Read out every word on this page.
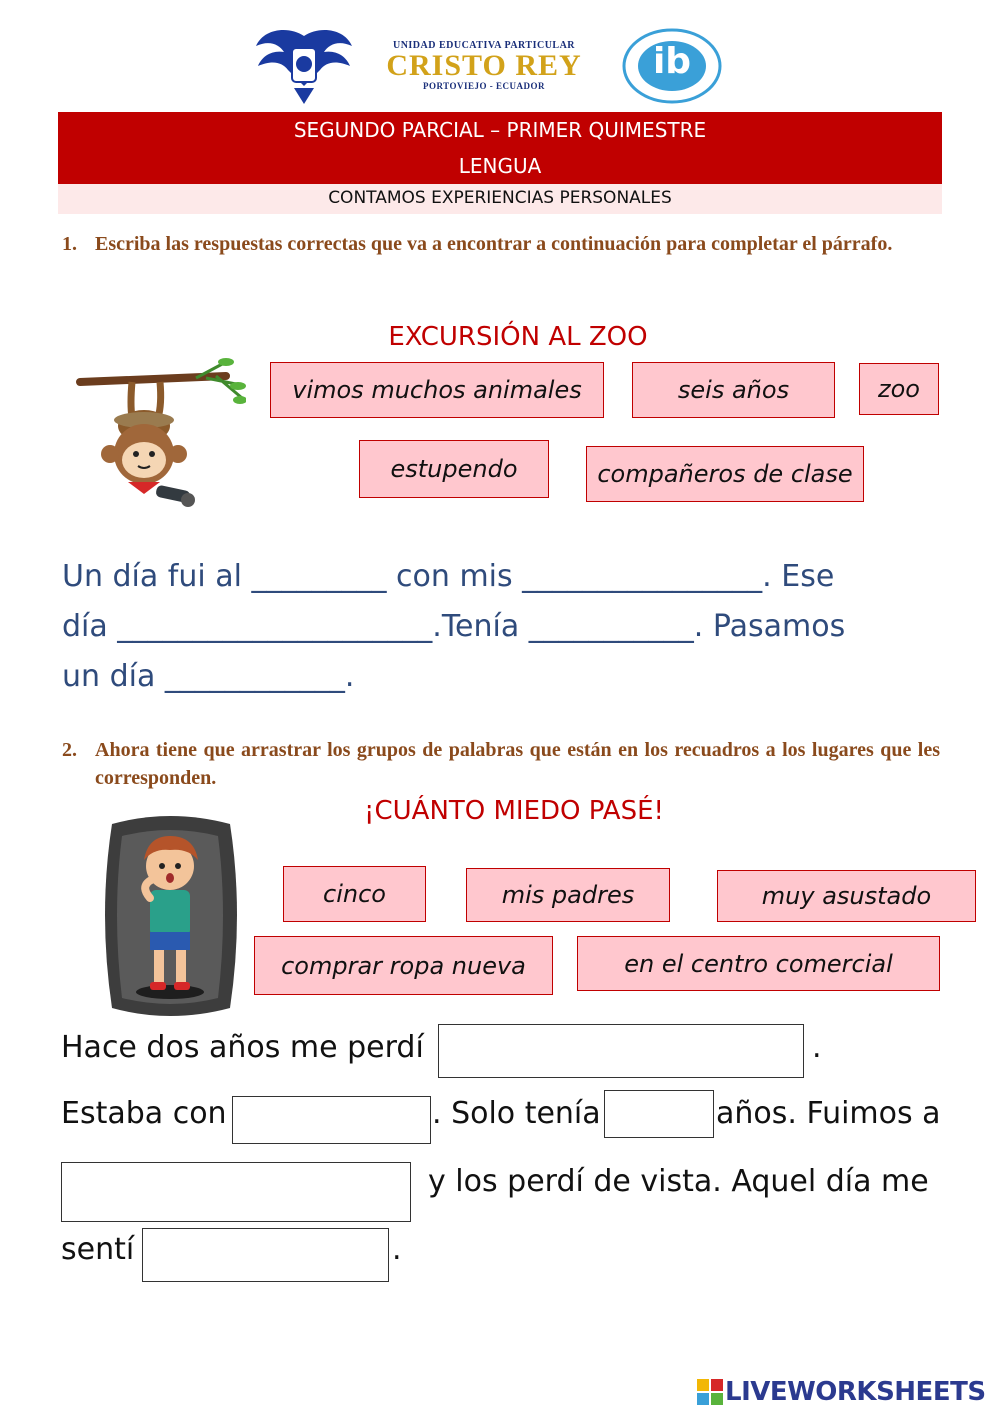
UNIDAD EDUCATIVA PARTICULAR
CRISTO REY
PORTOVIEJO - ECUADOR
ib
SEGUNDO PARCIAL – PRIMER QUIMESTRE
LENGUA
CONTAMOS EXPERIENCIAS PERSONALES
1. Escriba las respuestas correctas que va a encontrar a continuación para completar el párrafo.
EXCURSIÓN AL ZOO
vimos muchos animales	seis años	zoo
estupendo	compañeros de clase
Un día fui al _________ con mis ________________. Ese
día _____________________.Tenía ___________. Pasamos
un día ____________.
2. Ahora tiene que arrastrar los grupos de palabras que están en los recuadros a los lugares que les corresponden.
¡CUÁNTO MIEDO PASÉ!
cinco	mis padres	muy asustado
comprar ropa nueva	en el centro comercial
Hace dos años me perdí	.
Estaba con	. Solo tenía	años. Fuimos a
y los perdí de vista. Aquel día me
sentí	.
LIVEWORKSHEETS
